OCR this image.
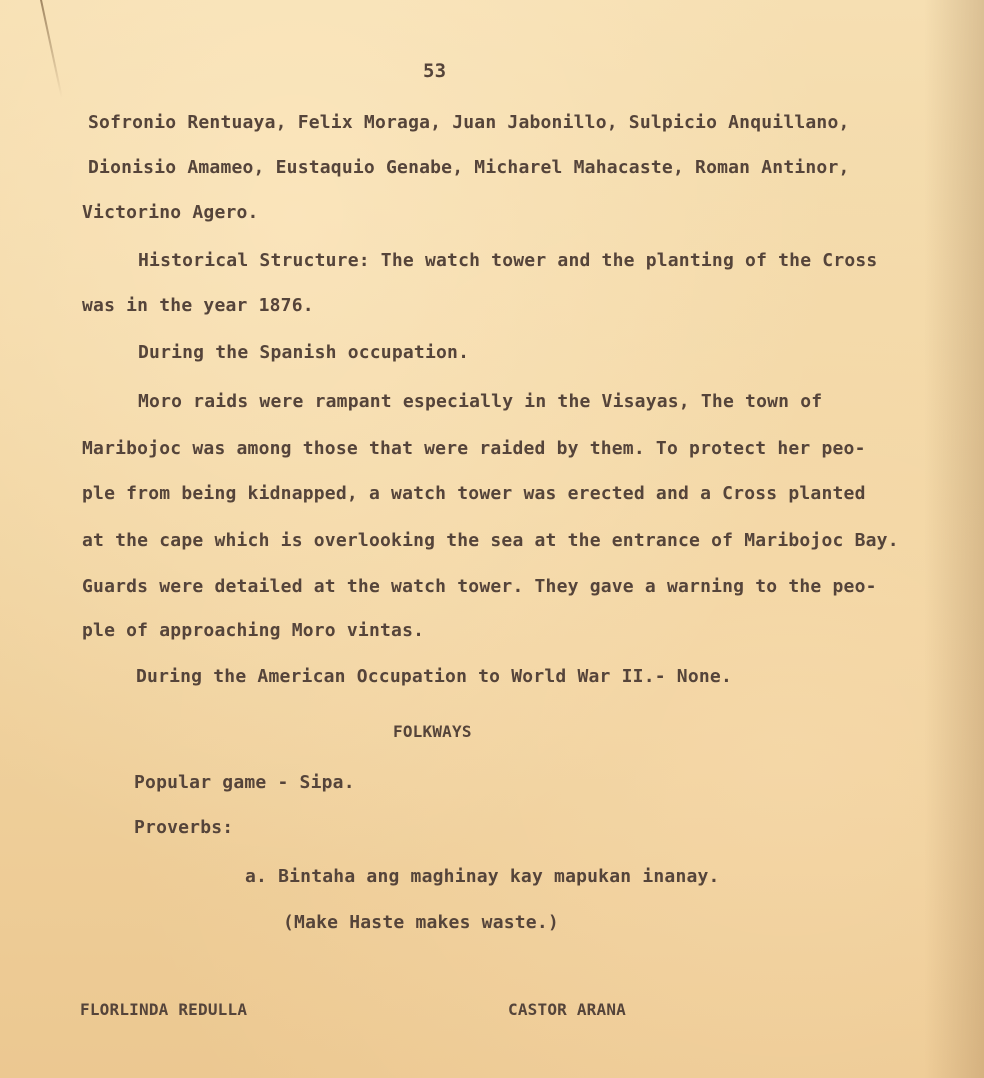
53
Sofronio Rentuaya, Felix Moraga, Juan Jabonillo, Sulpicio Anquillano,
Dionisio Amameo, Eustaquio Genabe, Micharel Mahacaste, Roman Antinor,
Victorino Agero.
Historical Structure: The watch tower and the planting of the Cross
was in the year 1876.
During the Spanish occupation.
Moro raids were rampant especially in the Visayas, The town of
Maribojoc was among those that were raided by them. To protect her peo-
ple from being kidnapped, a watch tower was erected and a Cross planted
at the cape which is overlooking the sea at the entrance of Maribojoc Bay.
Guards were detailed at the watch tower. They gave a warning to the peo-
ple of approaching Moro vintas.
During the American Occupation to World War II.- None.
FOLKWAYS
Popular game - Sipa.
Proverbs:
a. Bintaha ang maghinay kay mapukan inanay.
(Make Haste makes waste.)
FLORLINDA REDULLA	CASTOR ARANA
